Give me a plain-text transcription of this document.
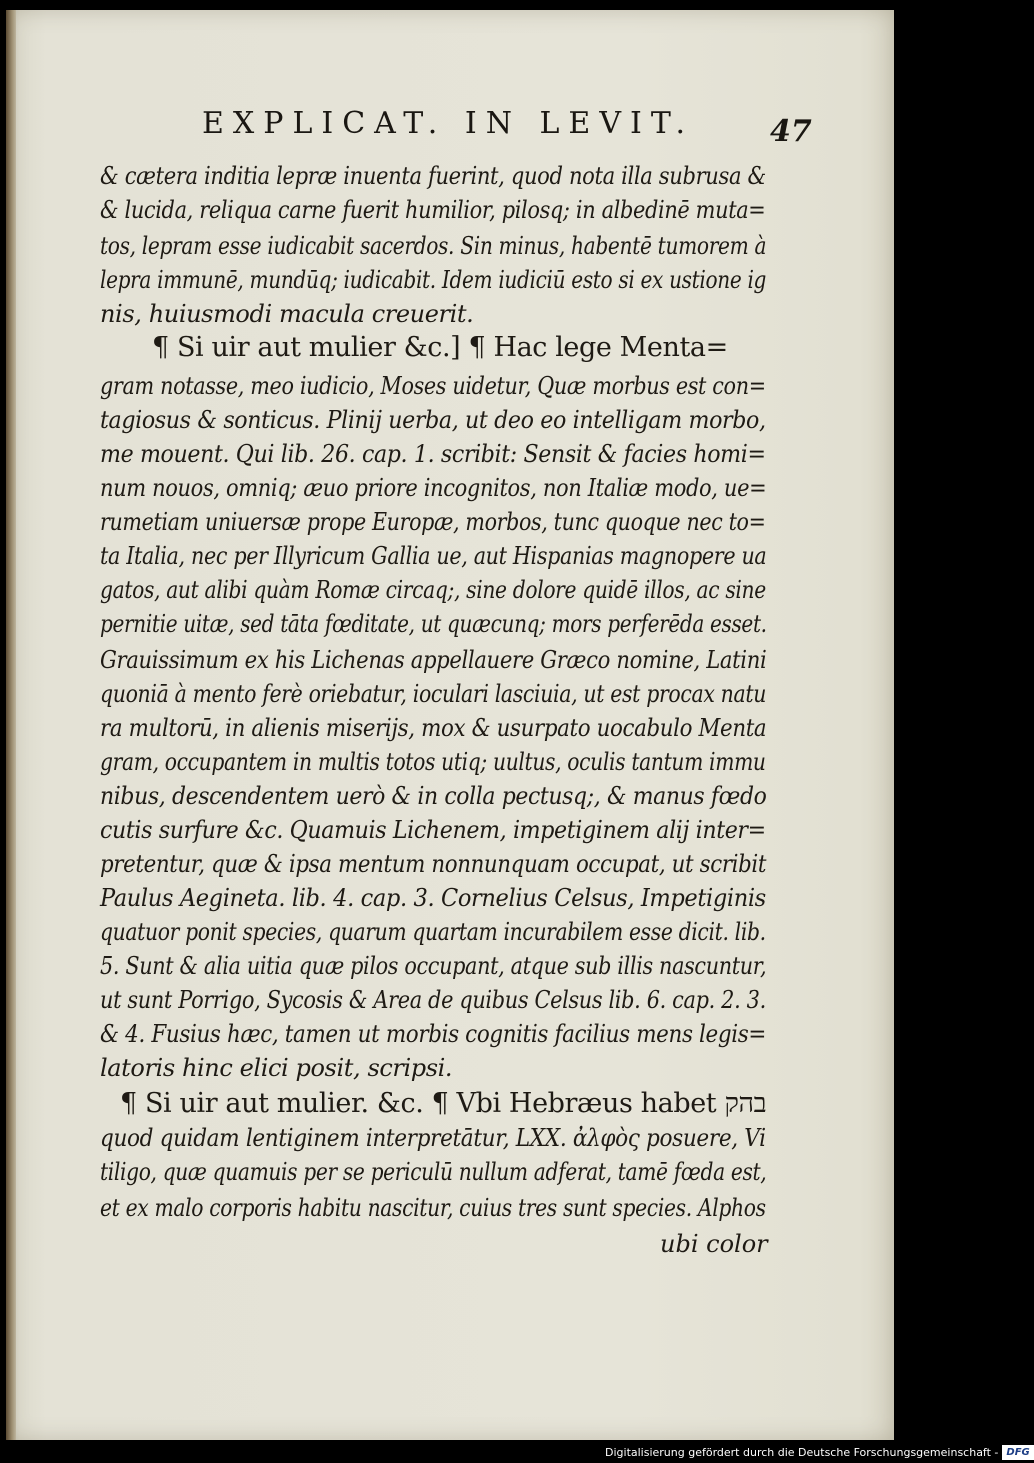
EXPLICAT. IN LEVIT.	47
& cætera inditia lepræ inuenta fuerint, quod nota illa subrusa &
& lucida, reliqua carne fuerit humilior, pilosq; in albedinē muta=
tos, lepram esse iudicabit sacerdos. Sin minus, habentē tumorem à
lepra immunē, mundūq; iudicabit. Idem iudiciū esto si ex ustione ig
nis, huiusmodi macula creuerit.
¶ Si uir aut mulier &c.] ¶ Hac lege Menta=
gram notasse, meo iudicio, Moses uidetur, Quæ morbus est con=
tagiosus & sonticus. Plinij uerba, ut deo eo intelligam morbo,
me mouent. Qui lib. 26. cap. 1. scribit: Sensit & facies homi=
num nouos, omniq; æuo priore incognitos, non Italiæ modo, ue=
rumetiam uniuersæ prope Europæ, morbos, tunc quoque nec to=
ta Italia, nec per Illyricum Gallia ue, aut Hispanias magnopere ua
gatos, aut alibi quàm Romæ circaq;, sine dolore quidē illos, ac sine
pernitie uitæ, sed tāta fœditate, ut quæcunq; mors perferēda esset.
Grauissimum ex his Lichenas appellauere Græco nomine, Latini
quoniā à mento ferè oriebatur, ioculari lasciuia, ut est procax natu
ra multorū, in alienis miserijs, mox & usurpato uocabulo Menta
gram, occupantem in multis totos utiq; uultus, oculis tantum immu
nibus, descendentem uerò & in colla pectusq;, & manus fœdo
cutis surfure &c. Quamuis Lichenem, impetiginem alij inter=
pretentur, quæ & ipsa mentum nonnunquam occupat, ut scribit
Paulus Aegineta. lib. 4. cap. 3. Cornelius Celsus, Impetiginis
quatuor ponit species, quarum quartam incurabilem esse dicit. lib.
5. Sunt & alia uitia quæ pilos occupant, atque sub illis nascuntur,
ut sunt Porrigo, Sycosis & Area de quibus Celsus lib. 6. cap. 2. 3.
& 4. Fusius hæc, tamen ut morbis cognitis facilius mens legis=
latoris hinc elici posit, scripsi.
¶ Si uir aut mulier. &c. ¶ Vbi Hebræus habet בהק
quod quidam lentiginem interpretātur, LXX. ἀλφὸς posuere, Vi
tiligo, quæ quamuis per se periculū nullum adferat, tamē fœda est,
et ex malo corporis habitu nascitur, cuius tres sunt species. Alphos
ubi color
Digitalisierung gefördert durch die Deutsche Forschungsgemeinschaft - DFG
